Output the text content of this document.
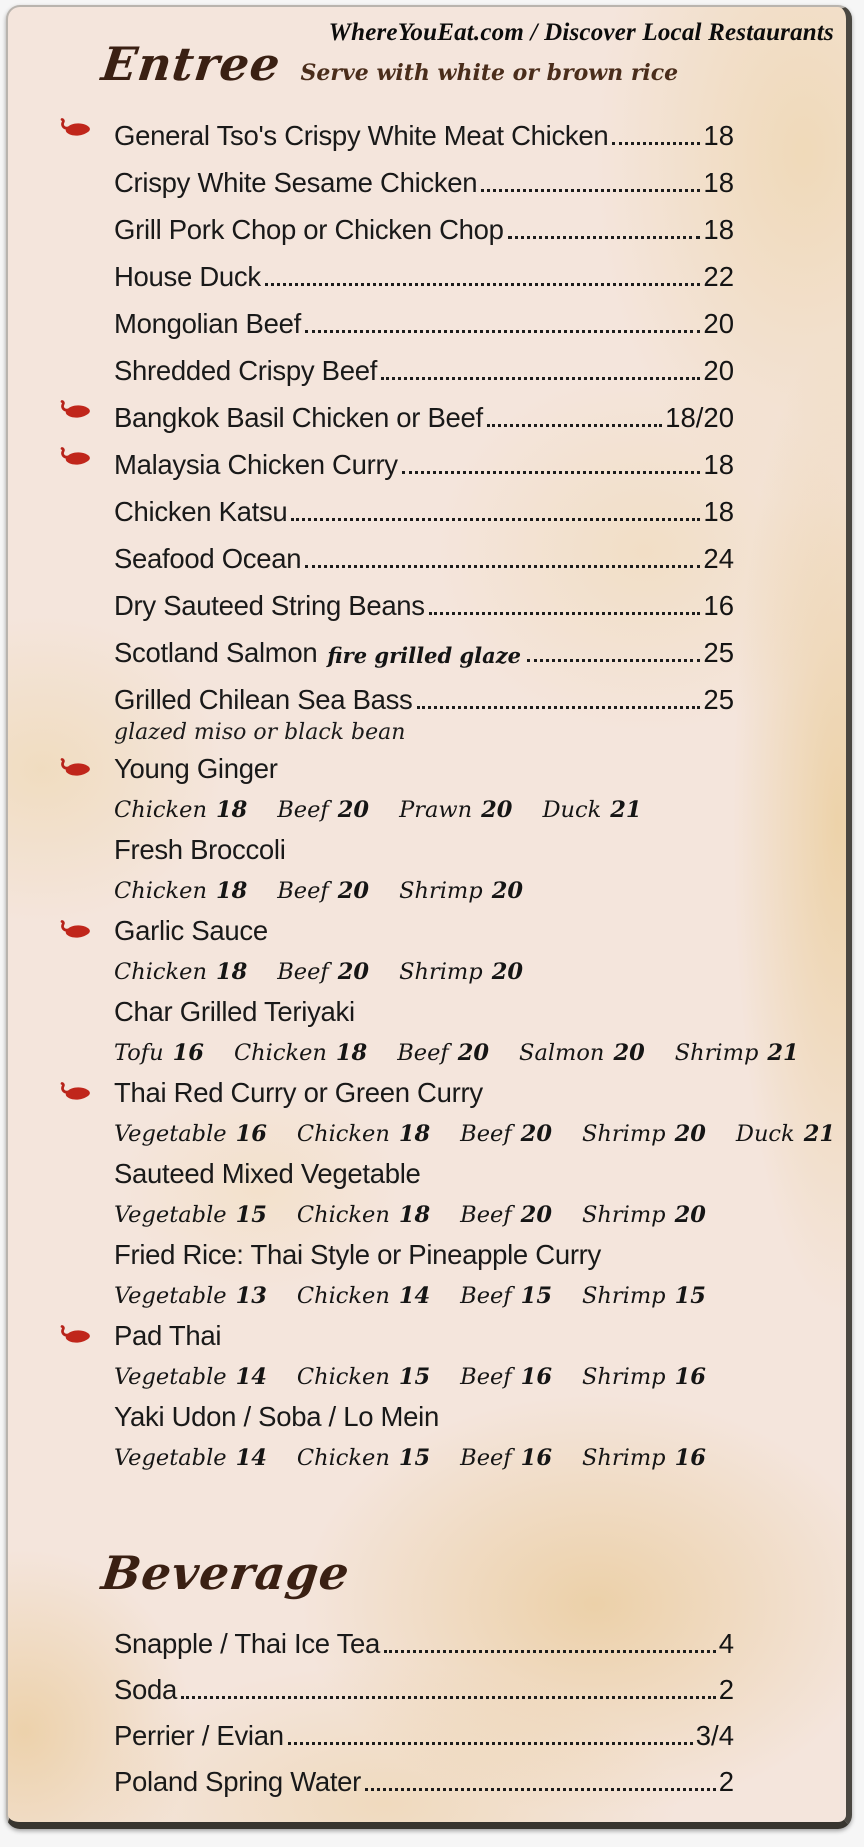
WhereYouEat.com / Discover Local Restaurants
Entree Serve with white or brown rice
General Tso's Crispy White Meat Chicken	18
Crispy White Sesame Chicken	18
Grill Pork Chop or Chicken Chop	18
House Duck	22
Mongolian Beef	20
Shredded Crispy Beef	20
Bangkok Basil Chicken or Beef	18/20
Malaysia Chicken Curry	18
Chicken Katsu	18
Seafood Ocean	24
Dry Sauteed String Beans	16
Scotland Salmon fire grilled glaze	25
Grilled Chilean Sea Bass	25
glazed miso or black bean
Young Ginger
Chicken 18 Beef 20 Prawn 20 Duck 21
Fresh Broccoli
Chicken 18 Beef 20 Shrimp 20
Garlic Sauce
Chicken 18 Beef 20 Shrimp 20
Char Grilled Teriyaki
Tofu 16 Chicken 18 Beef 20 Salmon 20 Shrimp 21
Thai Red Curry or Green Curry
Vegetable 16 Chicken 18 Beef 20 Shrimp 20 Duck 21
Sauteed Mixed Vegetable
Vegetable 15 Chicken 18 Beef 20 Shrimp 20
Fried Rice: Thai Style or Pineapple Curry
Vegetable 13 Chicken 14 Beef 15 Shrimp 15
Pad Thai
Vegetable 14 Chicken 15 Beef 16 Shrimp 16
Yaki Udon / Soba / Lo Mein
Vegetable 14 Chicken 15 Beef 16 Shrimp 16
Beverage
Snapple / Thai Ice Tea	4
Soda	2
Perrier / Evian	3/4
Poland Spring Water	2
